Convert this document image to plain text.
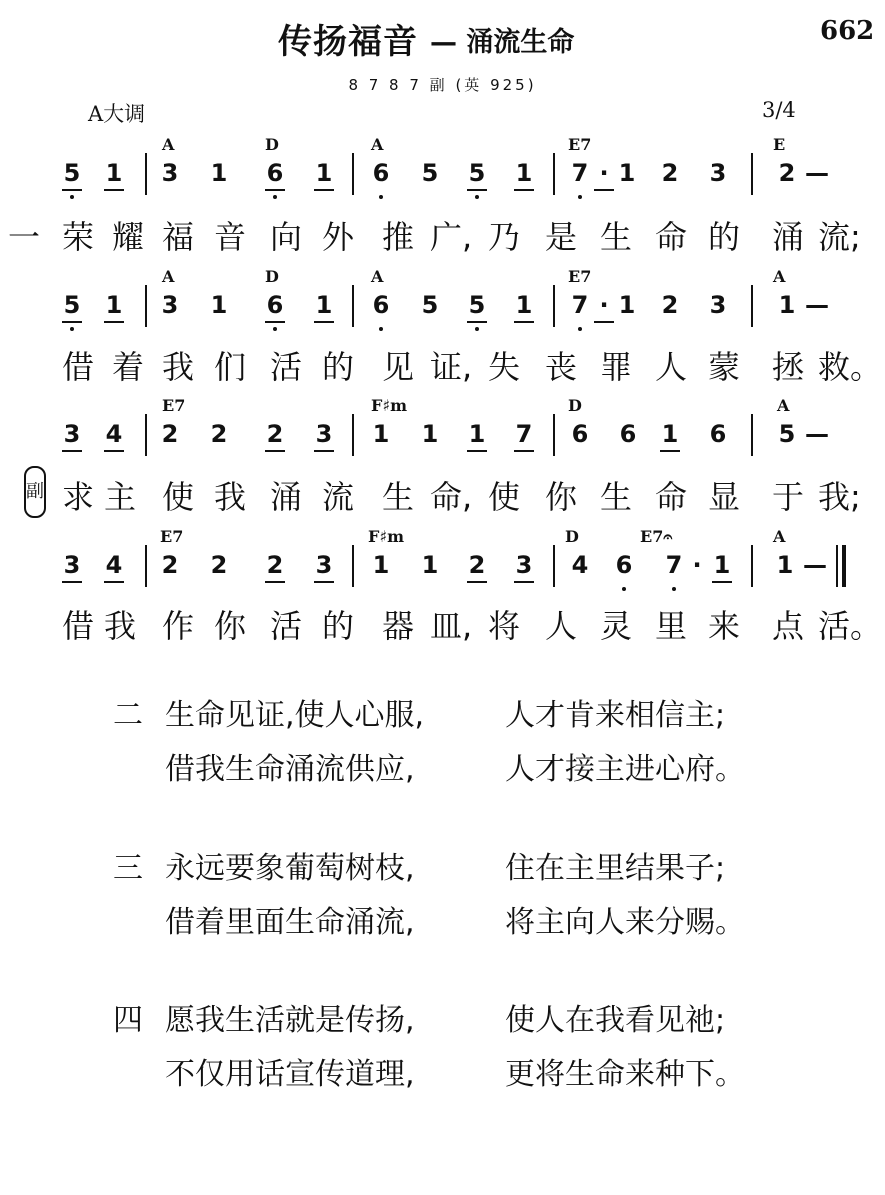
传扬福音 — 涌流生命	662
8 7 8 7 副 (英 925)
A大调	3/4
A	D	A	E7	E
5 1 3 1 6 1 6 5 5 1 7 · 1 2 3 2 —
一 荣 耀 福 音 向 外 推 广, 乃 是 生 命 的 涌 流;
A	D	A	E7	A
5 1 3 1 6 1 6 5 5 1 7 · 1 2 3 1 —
借 着 我 们 活 的 见 证, 失 丧 罪 人 蒙 拯 救。
E7	F♯m	D	A
3 4 2 2 2 3 1 1 1 7 6 6 1 6 5 —
求 主 使 我 涌 流 生 命, 使 你 生 命 显 于 我;
E7	F♯m	D	E7𝄐	A
3 4 2 2 2 3 1 1 2 3 4 6 7 · 1 1 —
借 我 作 你 活 的 器 皿, 将 人 灵 里 来 点 活。
副
二 生命见证,使人心服,	人才肯来相信主;
借我生命涌流供应,	人才接主进心府。
三 永远要象葡萄树枝,	住在主里结果子;
借着里面生命涌流,	将主向人来分赐。
四 愿我生活就是传扬,	使人在我看见祂;
不仅用话宣传道理,	更将生命来种下。
